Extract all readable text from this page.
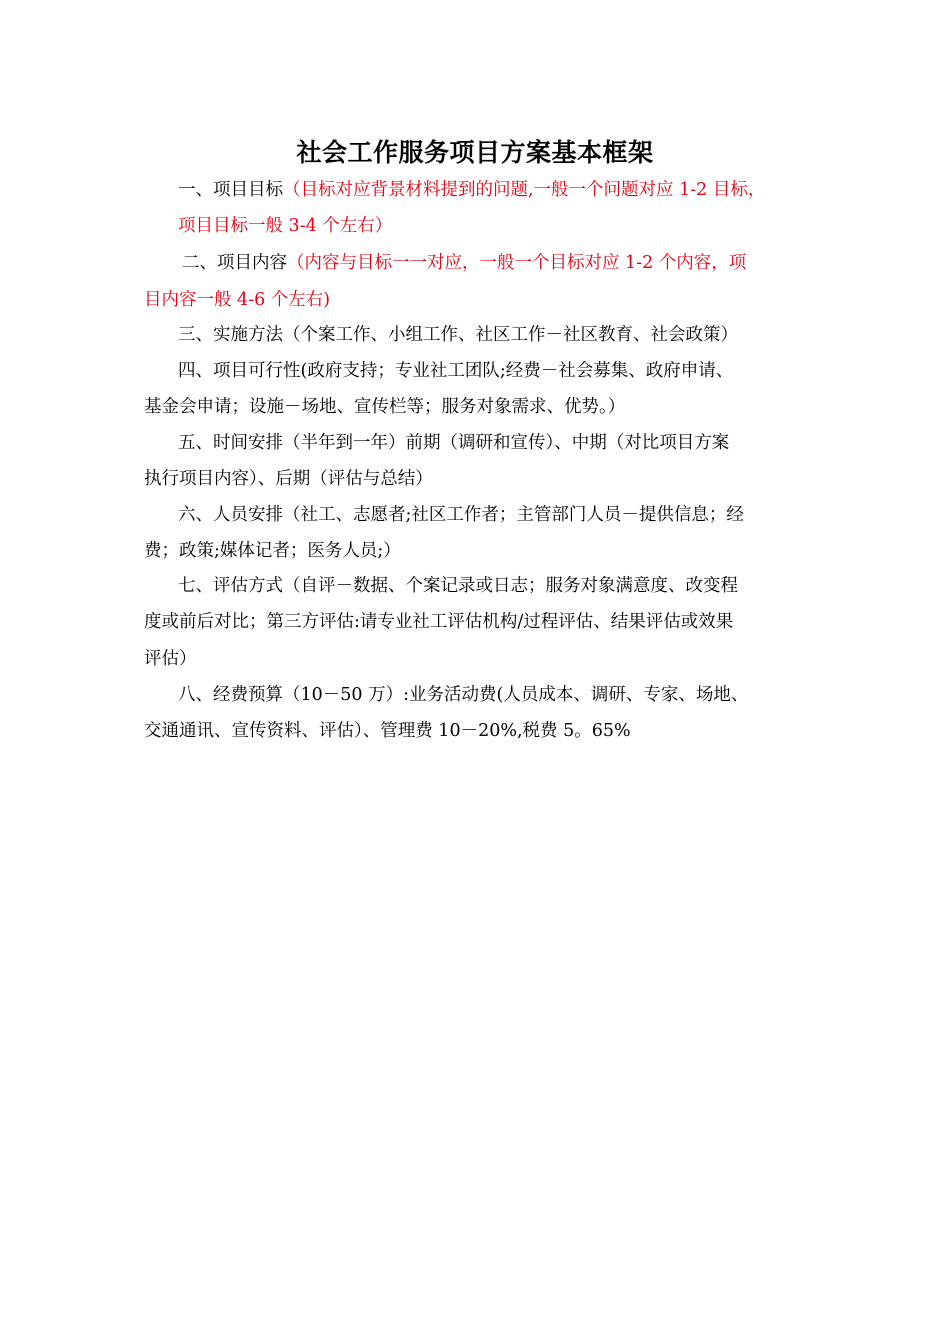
社会工作服务项目方案基本框架
一、项目目标（目标对应背景材料提到的问题,一般一个问题对应 1-2 目标，
项目目标一般 3-4 个左右）
二、项目内容（内容与目标一一对应，一般一个目标对应 1-2 个内容，项
目内容一般 4-6 个左右)
三、实施方法（个案工作、小组工作、社区工作－社区教育、社会政策）
四、项目可行性(政府支持；专业社工团队;经费－社会募集、政府申请、
基金会申请；设施－场地、宣传栏等；服务对象需求、优势。）
五、时间安排（半年到一年）前期（调研和宣传）、中期（对比项目方案
执行项目内容）、后期（评估与总结）
六、人员安排（社工、志愿者;社区工作者；主管部门人员－提供信息；经
费；政策;媒体记者；医务人员;）
七、评估方式（自评－数据、个案记录或日志；服务对象满意度、改变程
度或前后对比；第三方评估:请专业社工评估机构/过程评估、结果评估或效果
评估）
八、经费预算（10－50 万）:业务活动费(人员成本、调研、专家、场地、
交通通讯、宣传资料、评估）、管理费 10－20%,税费 5。65%
